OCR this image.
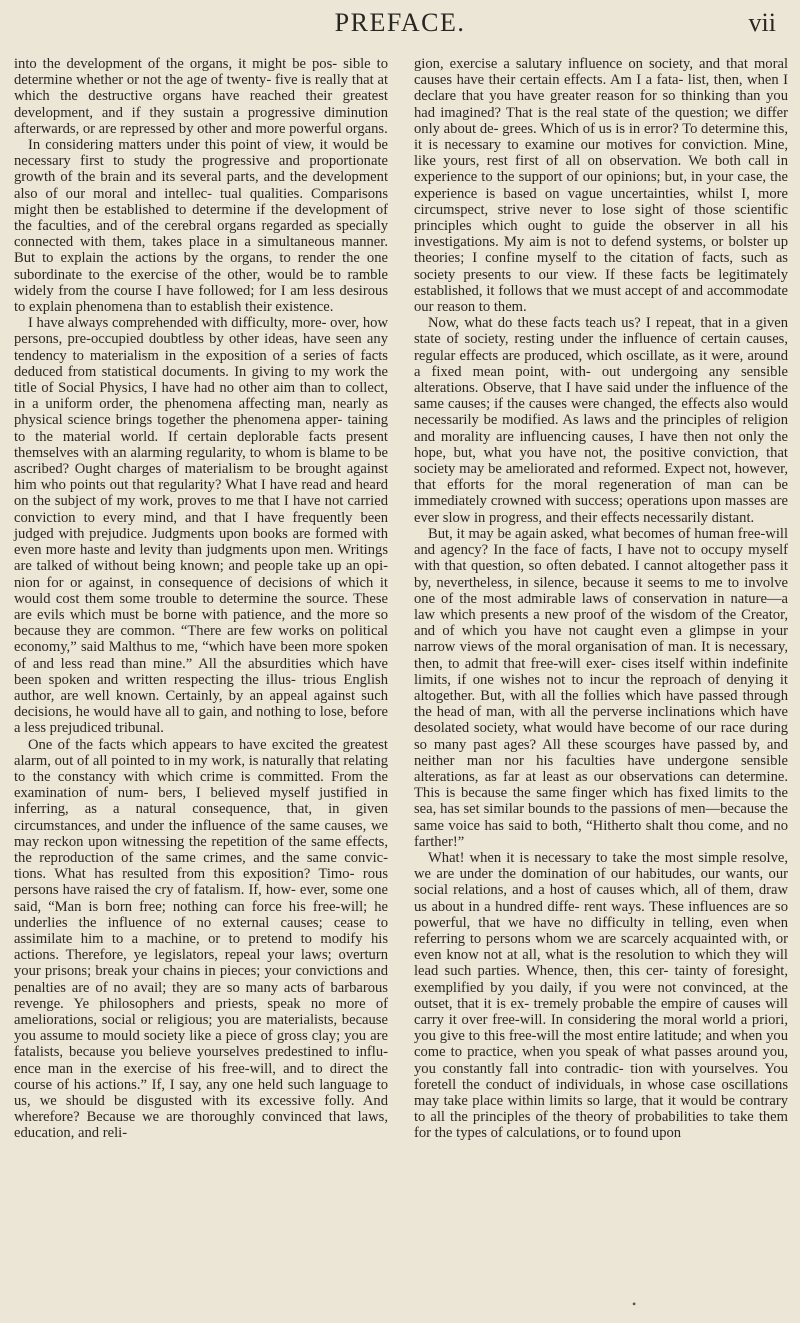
PREFACE.	vii

into the development of the organs, it might be pos- sible to determine whether or not the age of twenty- five is really that at which the destructive organs have reached their greatest development, and if they sustain a progressive diminution afterwards, or are repressed by other and more powerful organs.

In considering matters under this point of view, it would be necessary first to study the progressive and proportionate growth of the brain and its several parts, and the development also of our moral and intellec- tual qualities. Comparisons might then be established to determine if the development of the faculties, and of the cerebral organs regarded as specially connected with them, takes place in a simultaneous manner. But to explain the actions by the organs, to render the one subordinate to the exercise of the other, would be to ramble widely from the course I have followed; for I am less desirous to explain phenomena than to establish their existence.

I have always comprehended with difficulty, more- over, how persons, pre-occupied doubtless by other ideas, have seen any tendency to materialism in the exposition of a series of facts deduced from statistical documents. In giving to my work the title of Social Physics, I have had no other aim than to collect, in a uniform order, the phenomena affecting man, nearly as physical science brings together the phenomena apper- taining to the material world. If certain deplorable facts present themselves with an alarming regularity, to whom is blame to be ascribed? Ought charges of materialism to be brought against him who points out that regularity? What I have read and heard on the subject of my work, proves to me that I have not carried conviction to every mind, and that I have frequently been judged with prejudice. Judgments upon books are formed with even more haste and levity than judgments upon men. Writings are talked of without being known; and people take up an opi- nion for or against, in consequence of decisions of which it would cost them some trouble to determine the source. These are evils which must be borne with patience, and the more so because they are common. “There are few works on political economy,” said Malthus to me, “which have been more spoken of and less read than mine.” All the absurdities which have been spoken and written respecting the illus- trious English author, are well known. Certainly, by an appeal against such decisions, he would have all to gain, and nothing to lose, before a less prejudiced tribunal.

One of the facts which appears to have excited the greatest alarm, out of all pointed to in my work, is naturally that relating to the constancy with which crime is committed. From the examination of num- bers, I believed myself justified in inferring, as a natural consequence, that, in given circumstances, and under the influence of the same causes, we may reckon upon witnessing the repetition of the same effects, the reproduction of the same crimes, and the same convic- tions. What has resulted from this exposition? Timo- rous persons have raised the cry of fatalism. If, how- ever, some one said, “Man is born free; nothing can force his free-will; he underlies the influence of no external causes; cease to assimilate him to a machine, or to pretend to modify his actions. Therefore, ye legislators, repeal your laws; overturn your prisons; break your chains in pieces; your convictions and penalties are of no avail; they are so many acts of barbarous revenge. Ye philosophers and priests, speak no more of ameliorations, social or religious; you are materialists, because you assume to mould society like a piece of gross clay; you are fatalists, because you believe yourselves predestined to influ- ence man in the exercise of his free-will, and to direct the course of his actions.” If, I say, any one held such language to us, we should be disgusted with its excessive folly. And wherefore? Because we are thoroughly convinced that laws, education, and reli-

gion, exercise a salutary influence on society, and that moral causes have their certain effects. Am I a fata- list, then, when I declare that you have greater reason for so thinking than you had imagined? That is the real state of the question; we differ only about de- grees. Which of us is in error? To determine this, it is necessary to examine our motives for conviction. Mine, like yours, rest first of all on observation. We both call in experience to the support of our opinions; but, in your case, the experience is based on vague uncertainties, whilst I, more circumspect, strive never to lose sight of those scientific principles which ought to guide the observer in all his investigations. My aim is not to defend systems, or bolster up theories; I confine myself to the citation of facts, such as society presents to our view. If these facts be legitimately established, it follows that we must accept of and accommodate our reason to them.

Now, what do these facts teach us? I repeat, that in a given state of society, resting under the influence of certain causes, regular effects are produced, which oscillate, as it were, around a fixed mean point, with- out undergoing any sensible alterations. Observe, that I have said under the influence of the same causes; if the causes were changed, the effects also would necessarily be modified. As laws and the principles of religion and morality are influencing causes, I have then not only the hope, but, what you have not, the positive conviction, that society may be ameliorated and reformed. Expect not, however, that efforts for the moral regeneration of man can be immediately crowned with success; operations upon masses are ever slow in progress, and their effects necessarily distant.

But, it may be again asked, what becomes of human free-will and agency? In the face of facts, I have not to occupy myself with that question, so often debated. I cannot altogether pass it by, nevertheless, in silence, because it seems to me to involve one of the most admirable laws of conservation in nature—a law which presents a new proof of the wisdom of the Creator, and of which you have not caught even a glimpse in your narrow views of the moral organisation of man. It is necessary, then, to admit that free-will exer- cises itself within indefinite limits, if one wishes not to incur the reproach of denying it altogether. But, with all the follies which have passed through the head of man, with all the perverse inclinations which have desolated society, what would have become of our race during so many past ages? All these scourges have passed by, and neither man nor his faculties have undergone sensible alterations, as far at least as our observations can determine. This is because the same finger which has fixed limits to the sea, has set similar bounds to the passions of men—because the same voice has said to both, “Hitherto shalt thou come, and no farther!”

What! when it is necessary to take the most simple resolve, we are under the domination of our habitudes, our wants, our social relations, and a host of causes which, all of them, draw us about in a hundred diffe- rent ways. These influences are so powerful, that we have no difficulty in telling, even when referring to persons whom we are scarcely acquainted with, or even know not at all, what is the resolution to which they will lead such parties. Whence, then, this cer- tainty of foresight, exemplified by you daily, if you were not convinced, at the outset, that it is ex- tremely probable the empire of causes will carry it over free-will. In considering the moral world a priori, you give to this free-will the most entire latitude; and when you come to practice, when you speak of what passes around you, you constantly fall into contradic- tion with yourselves. You foretell the conduct of individuals, in whose case oscillations may take place within limits so large, that it would be contrary to all the principles of the theory of probabilities to take them for the types of calculations, or to found upon

•
